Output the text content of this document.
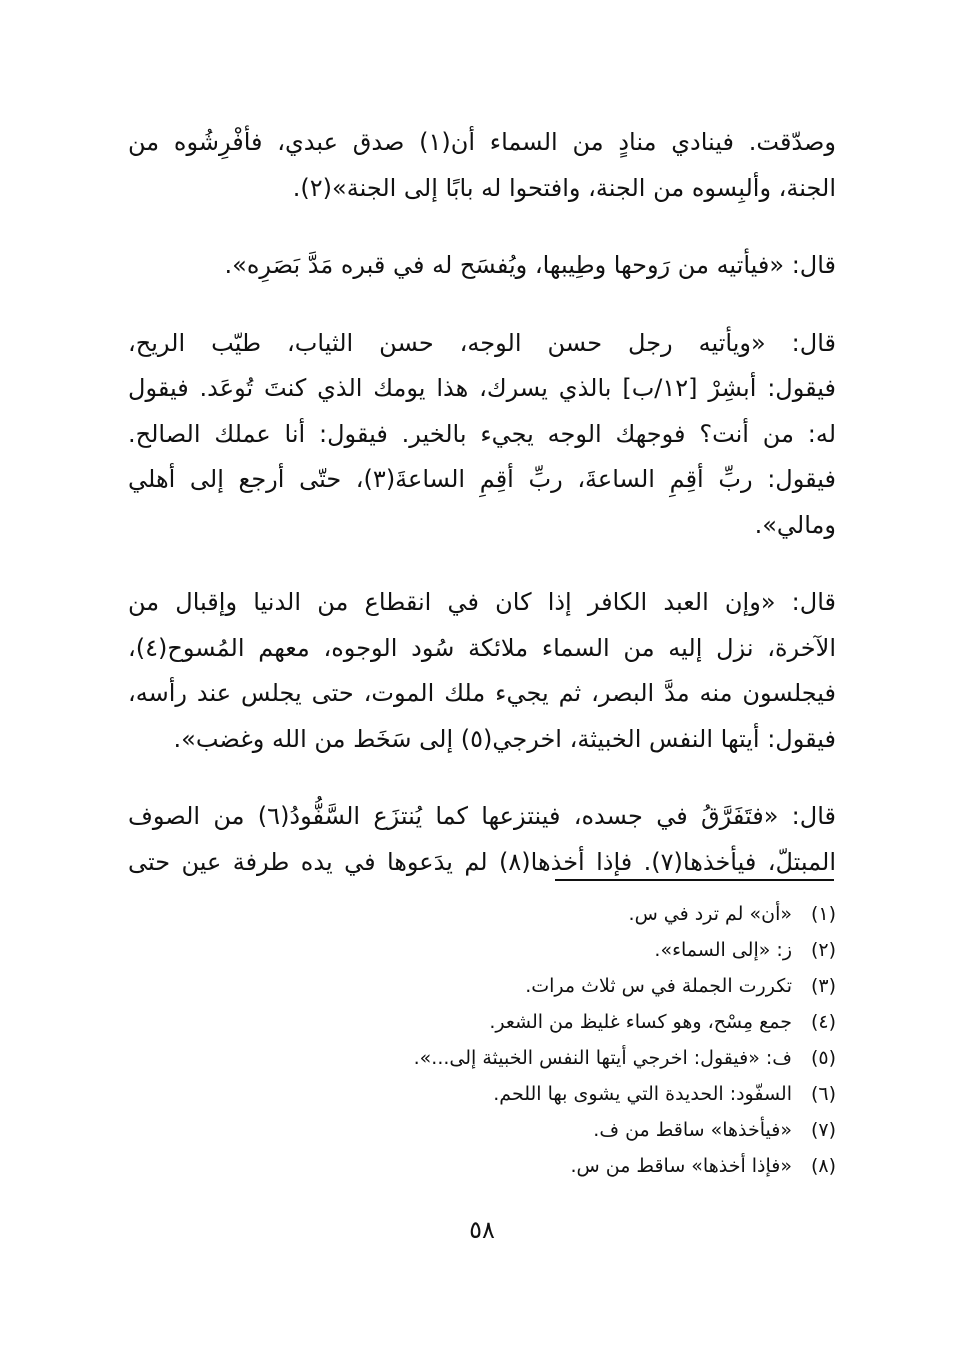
وصدّقت. فينادي منادٍ من السماء أن(١) صدق عبدي، فأفْرِشُوه من
الجنة، وألبِسوه من الجنة، وافتحوا له بابًا إلى الجنة»(٢).

قال: «فيأتيه من رَوحها وطِيبها، ويُفسَح له في قبره مَدَّ بَصَرِه».

قال: «ويأتيه رجل حسن الوجه، حسن الثياب، طيّب الريح،
فيقول: أبشِرْ [١٢/ب] بالذي يسرك، هذا يومك الذي كنتَ تُوعَد. فيقول
له: من أنت؟ فوجهك الوجه يجيء بالخير. فيقول: أنا عملك الصالح.
فيقول: ربِّ أقِمِ الساعةَ، ربِّ أقِمِ الساعةَ(٣)، حتّى أرجع إلى أهلي
ومالي».

قال: «وإن العبد الكافر إذا كان في انقطاع من الدنيا وإقبال من
الآخرة، نزل إليه من السماء ملائكة سُود الوجوه، معهم المُسوح(٤)،
فيجلسون منه مدَّ البصر، ثم يجيء ملك الموت، حتى يجلس عند رأسه،
فيقول: أيتها النفس الخبيثة، اخرجي(٥) إلى سَخَط من الله وغضب».

قال: «فتَفَرَّقُ في جسده، فينتزعها كما يُنتزَع السَّفُّودُ(٦) من الصوف
المبتلّ، فيأخذها(٧). فإذا أخذها(٨) لم يدَعوها في يده طرفة عين حتى

(١)
«أن» لم ترد في س.
(٢)
ز: «إلى السماء».
(٣)
تكررت الجملة في س ثلاث مرات.
(٤)
جمع مِسْح، وهو كساء غليظ من الشعر.
(٥)
ف: «فيقول: اخرجي أيتها النفس الخبيثة إلى...».
(٦)
السفّود: الحديدة التي يشوى بها اللحم.
(٧)
«فيأخذها» ساقط من ف.
(٨)
«فإذا أخذها» ساقط من س.
٥٨
